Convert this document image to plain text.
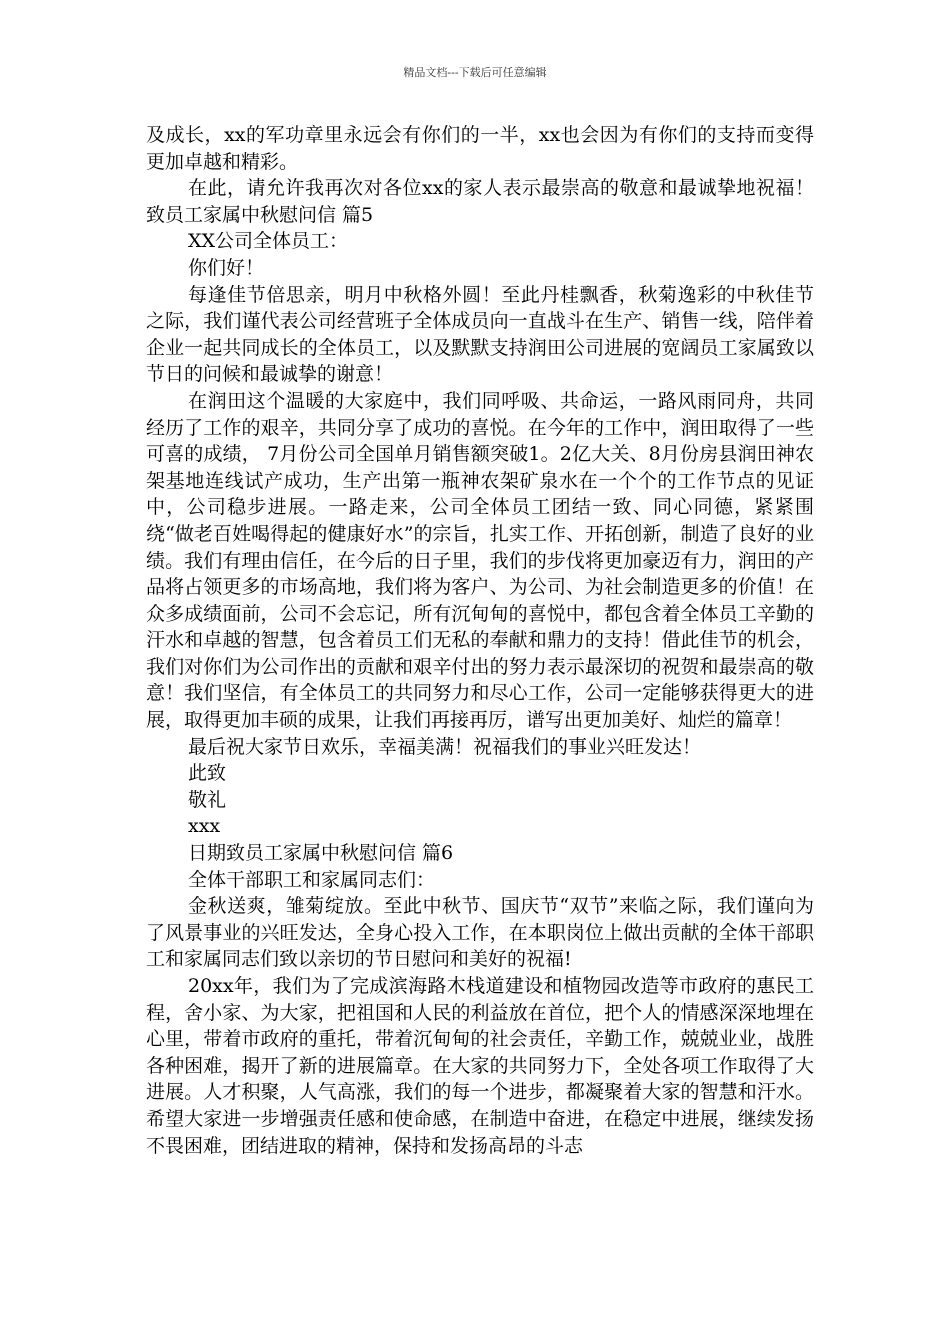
精品文档---下载后可任意编辑

及成长，xx的军功章里永远会有你们的一半，xx也会因为有你们的支持而变得更加卓越和精彩。

在此，请允许我再次对各位xx的家人表示最崇高的敬意和最诚挚地祝福！致员工家属中秋慰问信 篇5

XX公司全体员工：

你们好！

每逢佳节倍思亲，明月中秋格外圆！至此丹桂飘香，秋菊逸彩的中秋佳节之际，我们谨代表公司经营班子全体成员向一直战斗在生产、销售一线，陪伴着企业一起共同成长的全体员工，以及默默支持润田公司进展的宽阔员工家属致以节日的问候和最诚挚的谢意！

在润田这个温暖的大家庭中，我们同呼吸、共命运，一路风雨同舟，共同经历了工作的艰辛，共同分享了成功的喜悦。在今年的工作中，润田取得了一些可喜的成绩， 7月份公司全国单月销售额突破1。2亿大关、8月份房县润田神农架基地连线试产成功，生产出第一瓶神农架矿泉水在一个个的工作节点的见证中，公司稳步进展。一路走来，公司全体员工团结一致、同心同德，紧紧围绕“做老百姓喝得起的健康好水”的宗旨，扎实工作、开拓创新，制造了良好的业绩。我们有理由信任，在今后的日子里，我们的步伐将更加豪迈有力，润田的产品将占领更多的市场高地，我们将为客户、为公司、为社会制造更多的价值！在众多成绩面前，公司不会忘记，所有沉甸甸的喜悦中，都包含着全体员工辛勤的汗水和卓越的智慧，包含着员工们无私的奉献和鼎力的支持！借此佳节的机会，我们对你们为公司作出的贡献和艰辛付出的努力表示最深切的祝贺和最崇高的敬意！我们坚信，有全体员工的共同努力和尽心工作，公司一定能够获得更大的进展，取得更加丰硕的成果，让我们再接再厉，谱写出更加美好、灿烂的篇章！

最后祝大家节日欢乐，幸福美满！祝福我们的事业兴旺发达！

此致

敬礼

xxx

日期致员工家属中秋慰问信 篇6

全体干部职工和家属同志们：

金秋送爽，雏菊绽放。至此中秋节、国庆节“双节”来临之际，我们谨向为了风景事业的兴旺发达，全身心投入工作，在本职岗位上做出贡献的全体干部职工和家属同志们致以亲切的节日慰问和美好的祝福!

20xx年，我们为了完成滨海路木栈道建设和植物园改造等市政府的惠民工程，舍小家、为大家，把祖国和人民的利益放在首位，把个人的情感深深地埋在心里，带着市政府的重托，带着沉甸甸的社会责任，辛勤工作，兢兢业业，战胜各种困难，揭开了新的进展篇章。在大家的共同努力下，全处各项工作取得了大进展。人才积聚，人气高涨，我们的每一个进步，都凝聚着大家的智慧和汗水。希望大家进一步增强责任感和使命感，在制造中奋进，在稳定中进展，继续发扬不畏困难，团结进取的精神，保持和发扬高昂的斗志
